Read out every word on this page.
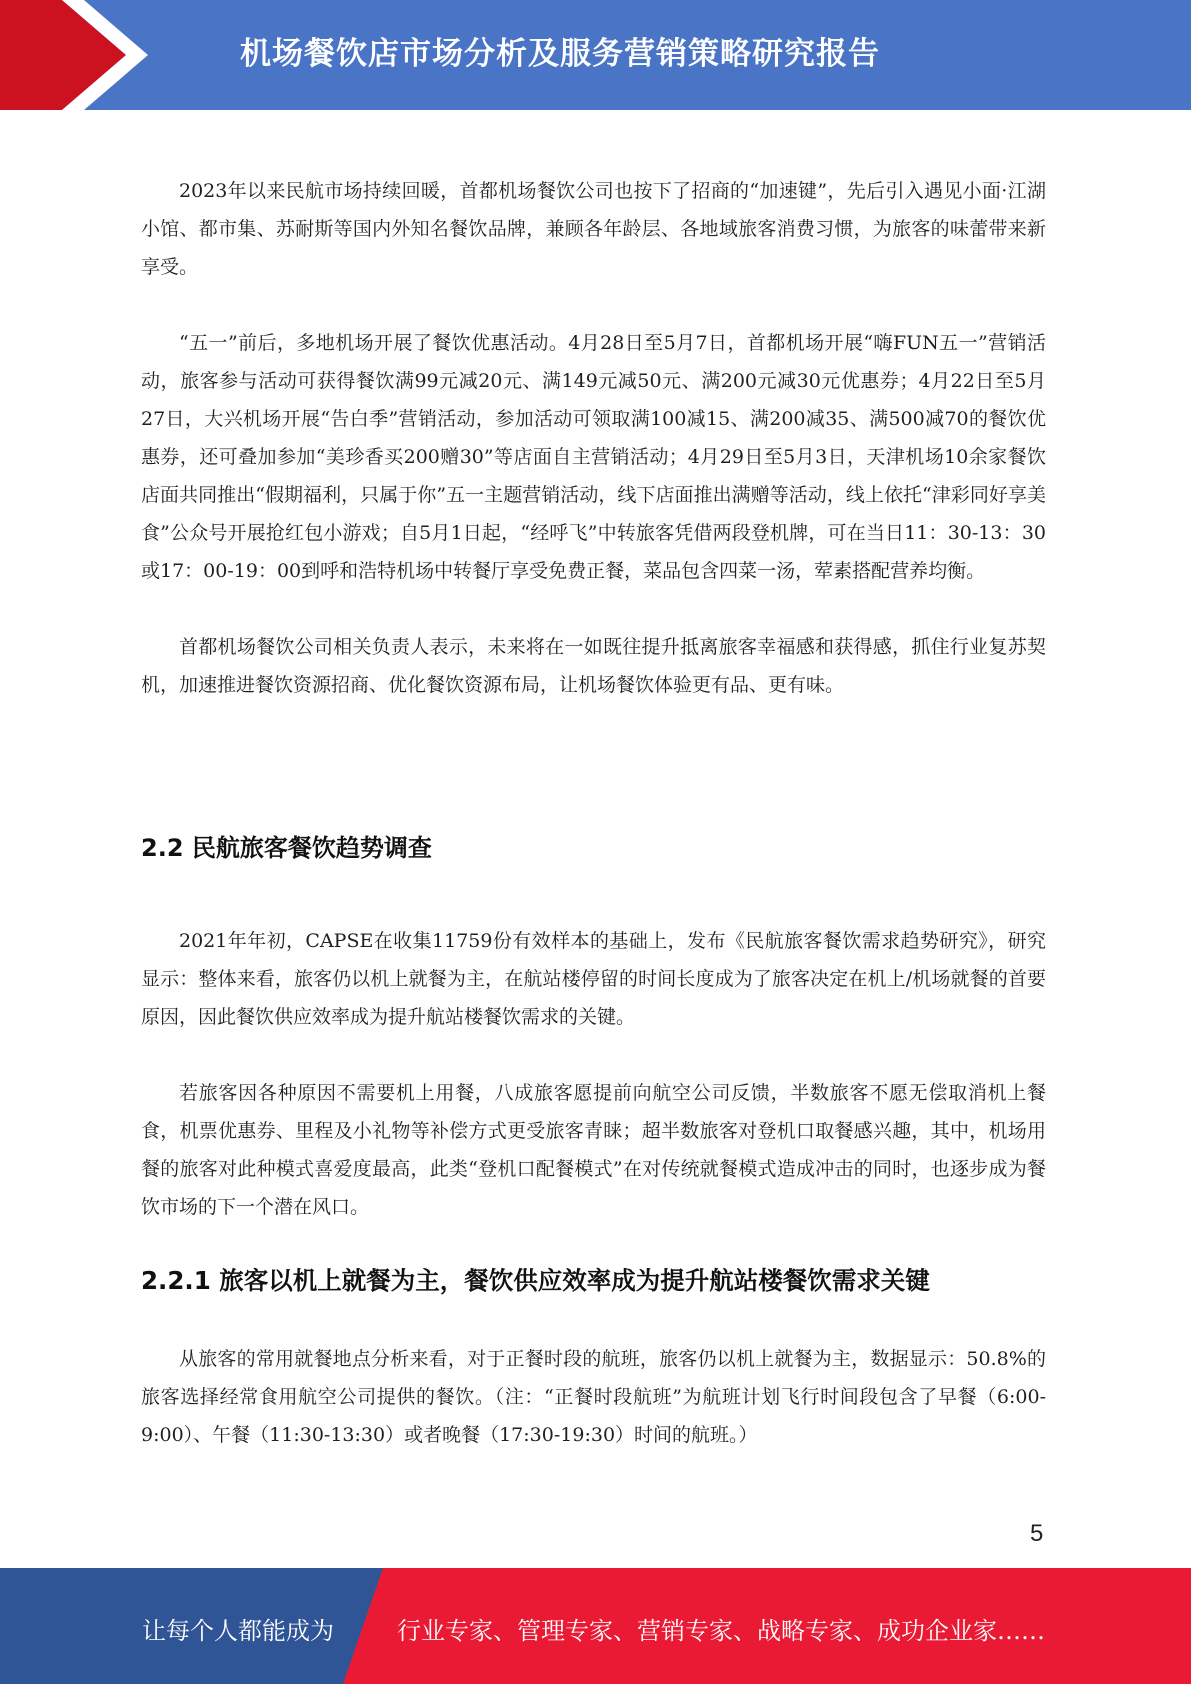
机场餐饮店市场分析及服务营销策略研究报告

2023年以来民航市场持续回暖，首都机场餐饮公司也按下了招商的“加速键”，先后引入遇见小面·江湖小馆、都市集、苏耐斯等国内外知名餐饮品牌，兼顾各年龄层、各地域旅客消费习惯，为旅客的味蕾带来新享受。

“五一”前后，多地机场开展了餐饮优惠活动。4月28日至5月7日，首都机场开展“嗨FUN五一”营销活动，旅客参与活动可获得餐饮满99元减20元、满149元减50元、满200元减30元优惠券；4月22日至5月27日，大兴机场开展“告白季”营销活动，参加活动可领取满100减15、满200减35、满500减70的餐饮优惠券，还可叠加参加“美珍香买200赠30”等店面自主营销活动；4月29日至5月3日，天津机场10余家餐饮店面共同推出“假期福利，只属于你”五一主题营销活动，线下店面推出满赠等活动，线上依托“津彩同好享美食”公众号开展抢红包小游戏；自5月1日起，“经呼飞”中转旅客凭借两段登机牌，可在当日11：30-13：30或17：00-19：00到呼和浩特机场中转餐厅享受免费正餐，菜品包含四菜一汤，荤素搭配营养均衡。

首都机场餐饮公司相关负责人表示，未来将在一如既往提升抵离旅客幸福感和获得感，抓住行业复苏契机，加速推进餐饮资源招商、优化餐饮资源布局，让机场餐饮体验更有品、更有味。

2.2 民航旅客餐饮趋势调查

2021年年初，CAPSE在收集11759份有效样本的基础上，发布《民航旅客餐饮需求趋势研究》，研究显示：整体来看，旅客仍以机上就餐为主，在航站楼停留的时间长度成为了旅客决定在机上/机场就餐的首要原因，因此餐饮供应效率成为提升航站楼餐饮需求的关键。

若旅客因各种原因不需要机上用餐，八成旅客愿提前向航空公司反馈，半数旅客不愿无偿取消机上餐食，机票优惠券、里程及小礼物等补偿方式更受旅客青睐；超半数旅客对登机口取餐感兴趣，其中，机场用餐的旅客对此种模式喜爱度最高，此类“登机口配餐模式”在对传统就餐模式造成冲击的同时，也逐步成为餐饮市场的下一个潜在风口。

2.2.1 旅客以机上就餐为主，餐饮供应效率成为提升航站楼餐饮需求关键

从旅客的常用就餐地点分析来看，对于正餐时段的航班，旅客仍以机上就餐为主，数据显示：50.8%的旅客选择经常食用航空公司提供的餐饮。（注：“正餐时段航班”为航班计划飞行时间段包含了早餐（6:00-9:00）、午餐（11:30-13:30）或者晚餐（17:30-19:30）时间的航班。）

5
让每个人都能成为	行业专家、管理专家、营销专家、战略专家、成功企业家……
